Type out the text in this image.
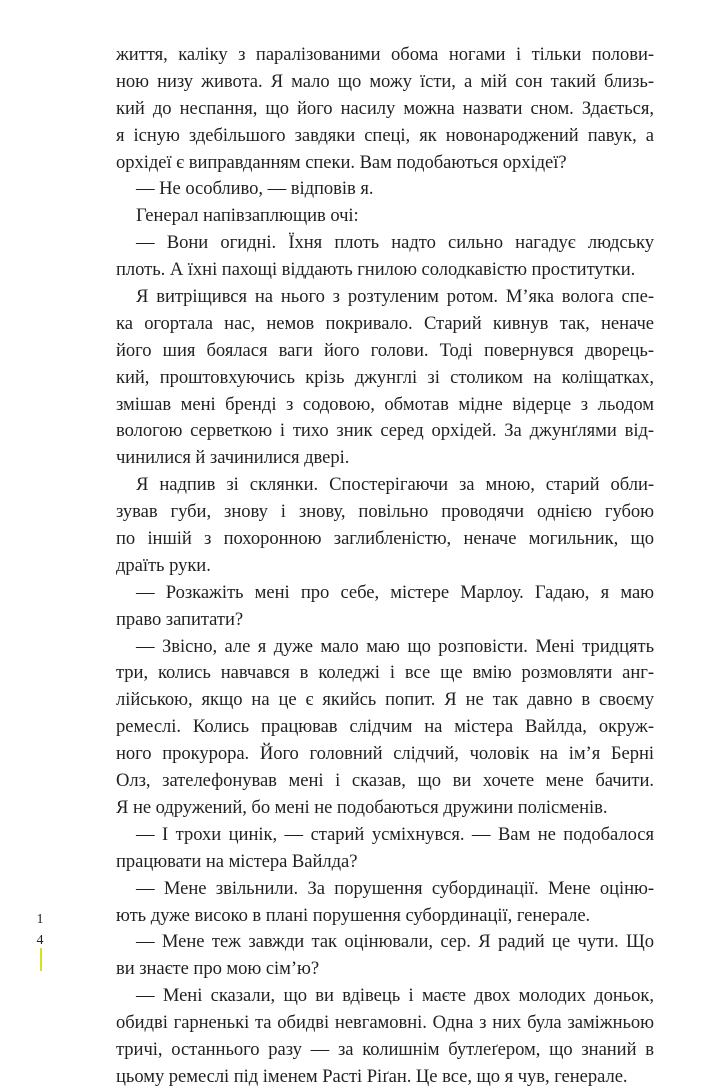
життя, каліку з паралізованими обома ногами і тільки полови-
ною низу живота. Я мало що можу їсти, а мій сон такий близь-
кий до неспання, що його насилу можна назвати сном. Здається,
я існую здебільшого завдяки спеці, як новонароджений павук, а
орхідеї є виправданням спеки. Вам подобаються орхідеї?
— Не особливо, — відповів я.
Генерал напівзаплющив очі:
— Вони огидні. Їхня плоть надто сильно нагадує людську
плоть. А їхні пахощі віддають гнилою солодкавістю проститутки.
Я витріщився на нього з розтуленим ротом. М’яка волога спе-
ка огортала нас, немов покривало. Старий кивнув так, неначе
його шия боялася ваги його голови. Тоді повернувся дворець-
кий, проштовхуючись крізь джунглі зі столиком на коліщатках,
змішав мені бренді з содовою, обмотав мідне відерце з льодом
вологою серветкою і тихо зник серед орхідей. За джунґлями від-
чинилися й зачинилися двері.
Я надпив зі склянки. Спостерігаючи за мною, старий обли-
зував губи, знову і знову, повільно проводячи однією губою
по іншій з похоронною заглибленістю, неначе могильник, що
драїть руки.
— Розкажіть мені про себе, містере Марлоу. Гадаю, я маю
право запитати?
— Звісно, але я дуже мало маю що розповісти. Мені тридцять
три, колись навчався в коледжі і все ще вмію розмовляти анг-
лійською, якщо на це є якийсь попит. Я не так давно в своєму
ремеслі. Колись працював слідчим на містера Вайлда, окруж-
ного прокурора. Його головний слідчий, чоловік на ім’я Берні
Олз, зателефонував мені і сказав, що ви хочете мене бачити.
Я не одружений, бо мені не подобаються дружини полісменів.
— І трохи цинік, — старий усміхнувся. — Вам не подобалося
працювати на містера Вайлда?
— Мене звільнили. За порушення субординації. Мене оціню-
ють дуже високо в плані порушення субординації, генерале.
— Мене теж завжди так оцінювали, сер. Я радий це чути. Що
ви знаєте про мою сім’ю?
— Мені сказали, що ви вдівець і маєте двох молодих доньок,
обидві гарненькі та обидві невгамовні. Одна з них була заміжньою
тричі, останнього разу — за колишнім бутлеґером, що знаний в
цьому ремеслі під іменем Расті Ріґан. Це все, що я чув, генерале.
1
4
